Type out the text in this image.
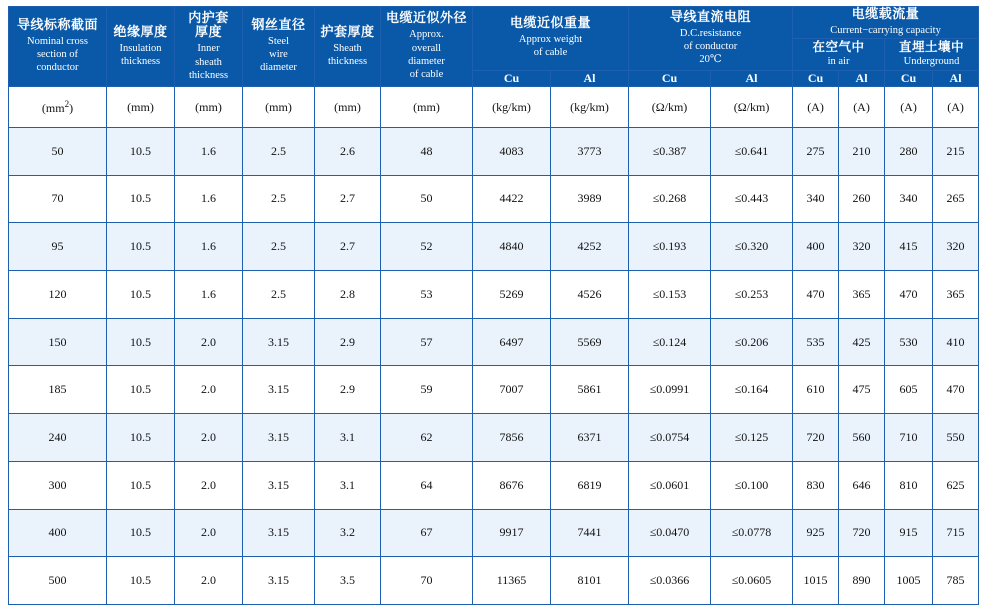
导线标称截面
Nominal cross
section of
conductor	绝缘厚度
Insulation
thickness	内护套
厚度
Inner
sheath
thickness	钢丝直径
Steel
wire
diameter	护套厚度
Sheath
thickness	电缆近似外径
Approx.
overall
diameter
of cable	电缆近似重量
Approx weight
of cable		导线直流电阻
D.C.resistance
of conductor
20℃		电缆载流量
Current−carrying capacity			

										在空气中
in air		直埋土壤中
Underground	

						Cu	Al	Cu	Al	Cu	Al	Cu	Al
$(mm^2)$	(mm)	(mm)	(mm)	(mm)	(mm)	(kg/km)	(kg/km)	(Ω/km)	(Ω/km)	(A)	(A)	(A)	(A)
50	10.5	1.6	2.5	2.6	48	4083	3773	≤0.387	≤0.641	275	210	280	215
70	10.5	1.6	2.5	2.7	50	4422	3989	≤0.268	≤0.443	340	260	340	265
95	10.5	1.6	2.5	2.7	52	4840	4252	≤0.193	≤0.320	400	320	415	320
120	10.5	1.6	2.5	2.8	53	5269	4526	≤0.153	≤0.253	470	365	470	365
150	10.5	2.0	3.15	2.9	57	6497	5569	≤0.124	≤0.206	535	425	530	410
185	10.5	2.0	3.15	2.9	59	7007	5861	≤0.0991	≤0.164	610	475	605	470
240	10.5	2.0	3.15	3.1	62	7856	6371	≤0.0754	≤0.125	720	560	710	550
300	10.5	2.0	3.15	3.1	64	8676	6819	≤0.0601	≤0.100	830	646	810	625
400	10.5	2.0	3.15	3.2	67	9917	7441	≤0.0470	≤0.0778	925	720	915	715
500	10.5	2.0	3.15	3.5	70	11365	8101	≤0.0366	≤0.0605	1015	890	1005	785
